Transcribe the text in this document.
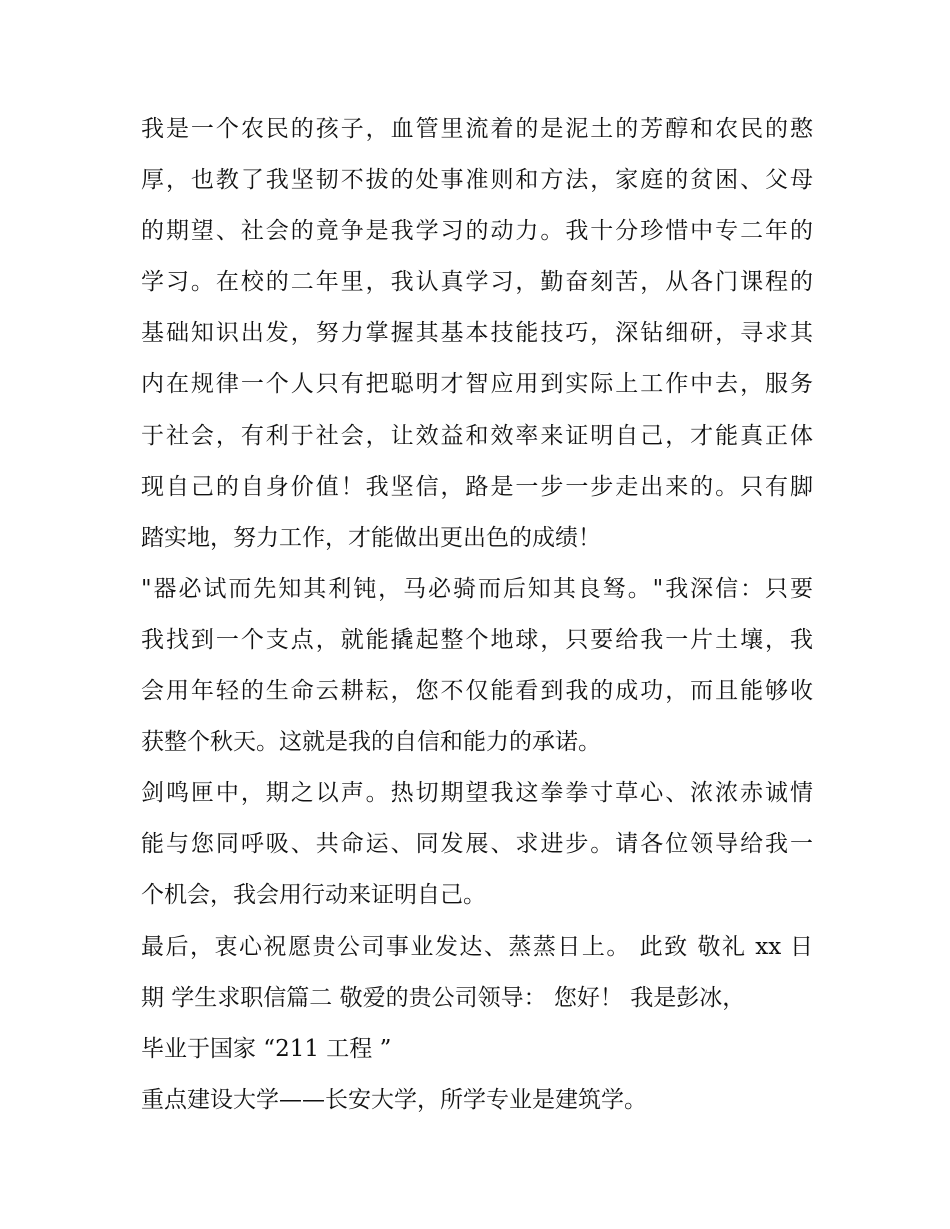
我是一个农民的孩子，血管里流着的是泥土的芳醇和农民的憨
厚，也教了我坚韧不拔的处事准则和方法，家庭的贫困、父母
的期望、社会的竟争是我学习的动力。我十分珍惜中专二年的
学习。在校的二年里，我认真学习，勤奋刻苦，从各门课程的
基础知识出发，努力掌握其基本技能技巧，深钻细研，寻求其
内在规律一个人只有把聪明才智应用到实际上工作中去，服务
于社会，有利于社会，让效益和效率来证明自己，才能真正体
现自己的自身价值！我坚信，路是一步一步走出来的。只有脚
踏实地，努力工作，才能做出更出色的成绩！
"器必试而先知其利钝，马必骑而后知其良驽。"我深信：只要
我找到一个支点，就能撬起整个地球，只要给我一片土壤，我
会用年轻的生命云耕耘，您不仅能看到我的成功，而且能够收
获整个秋天。这就是我的自信和能力的承诺。
剑鸣匣中，期之以声。热切期望我这拳拳寸草心、浓浓赤诚情
能与您同呼吸、共命运、同发展、求进步。请各位领导给我一
个机会，我会用行动来证明自己。
最后，衷心祝愿贵公司事业发达、蒸蒸日上。 此致 敬礼 xx 日
期 学生求职信篇二 敬爱的贵公司领导： 您好！ 我是彭冰，
毕业于国家 “211 工程 ”
重点建设大学——长安大学，所学专业是建筑学。
